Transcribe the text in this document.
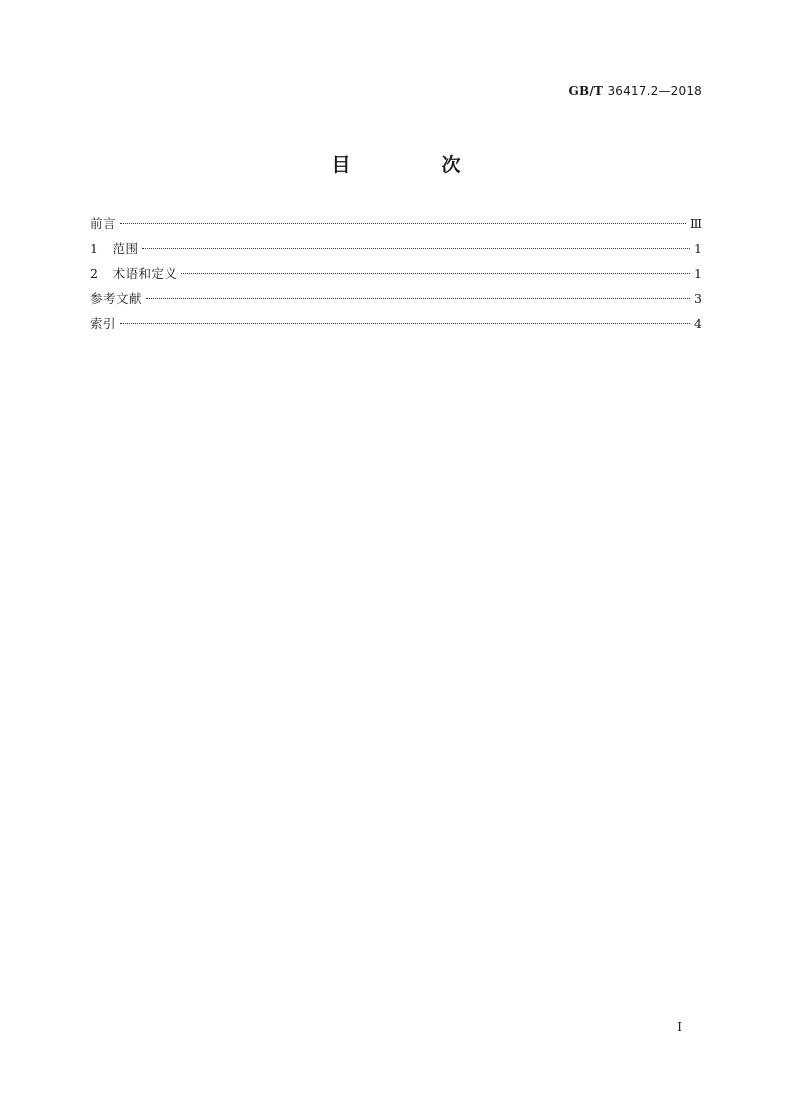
GB/T 36417.2—2018
目　次
前言	Ⅲ
1 范围	1
2 术语和定义	1
参考文献	3
索引	4
I
